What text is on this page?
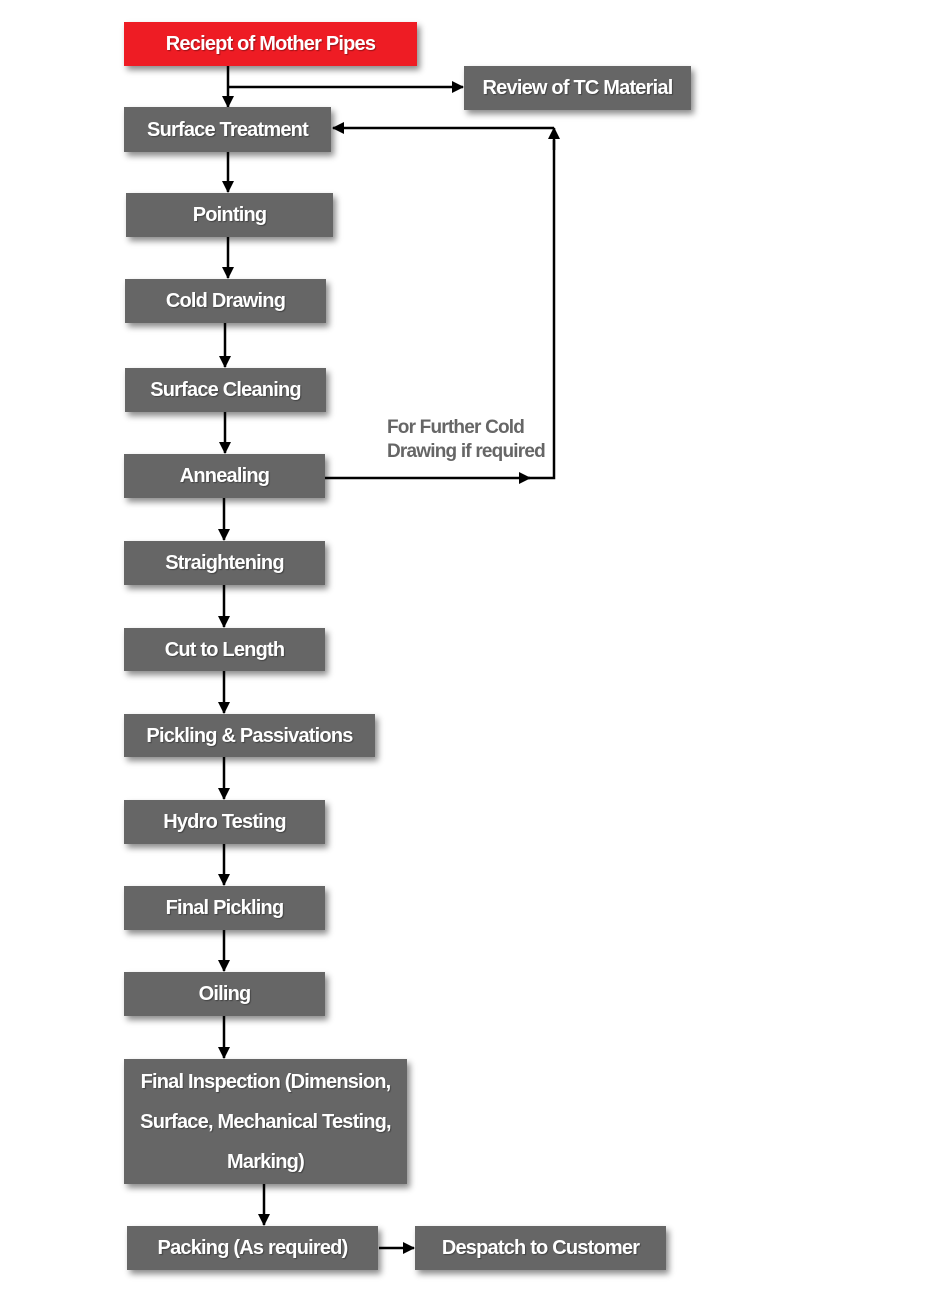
Reciept of Mother Pipes
Review of TC Material
Surface Treatment
Pointing
Cold Drawing
Surface Cleaning
Annealing
For Further Cold
Drawing if required
Straightening
Cut to Length
Pickling & Passivations
Hydro Testing
Final Pickling
Oiling
Final Inspection (Dimension, Surface, Mechanical Testing, Marking)
Packing (As required)	Despatch to Customer
